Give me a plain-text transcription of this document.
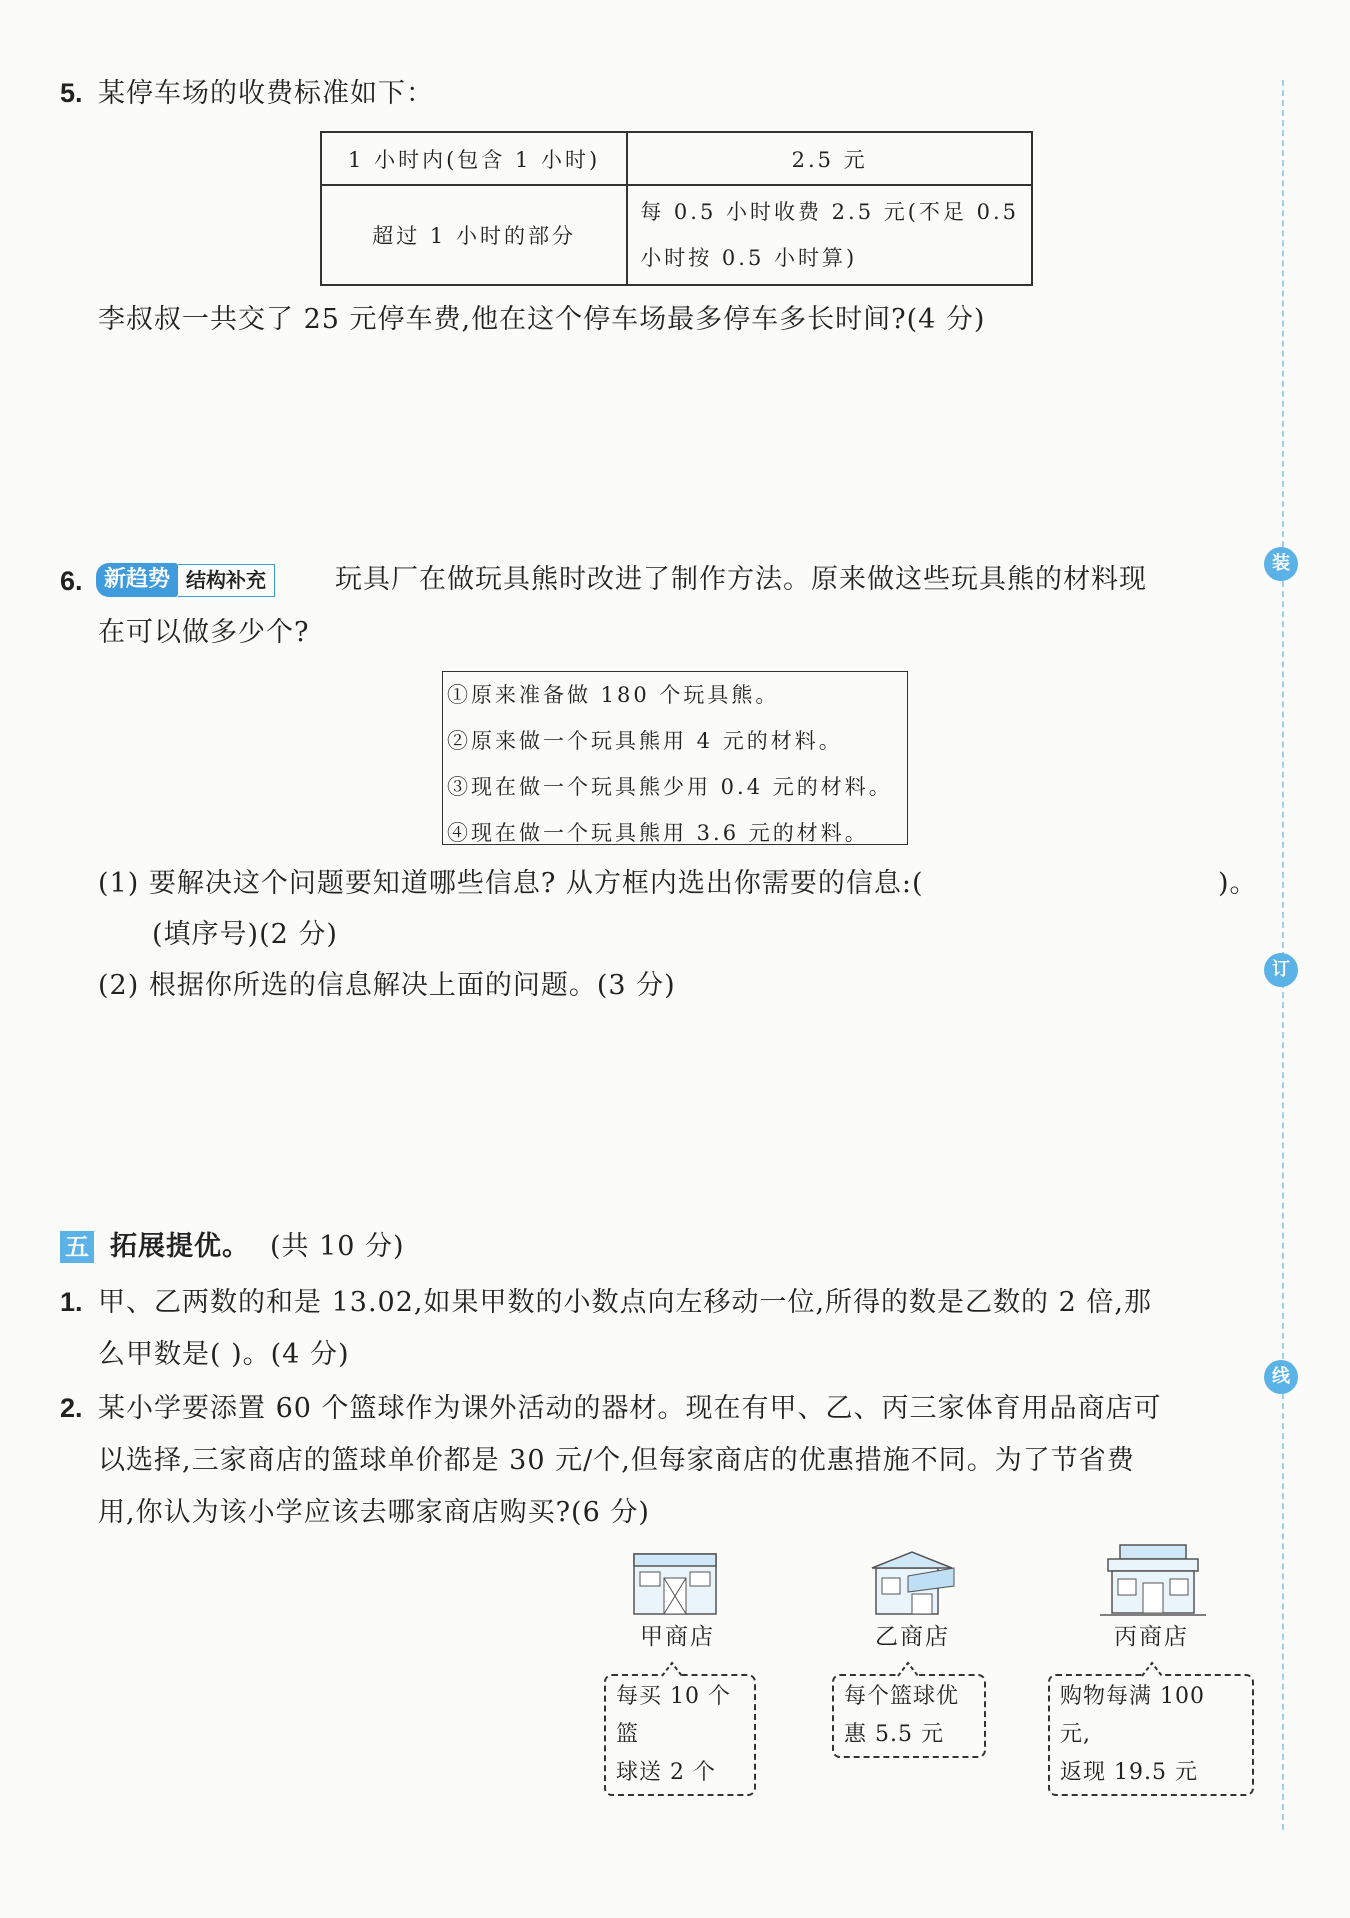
5. 某停车场的收费标准如下：
1 小时内(包含 1 小时)	2.5 元
超过 1 小时的部分	每 0.5 小时收费 2.5 元(不足 0.5
小时按 0.5 小时算)
李叔叔一共交了 25 元停车费,他在这个停车场最多停车多长时间?(4 分)
6. 新趋势 结构补充	玩具厂在做玩具熊时改进了制作方法。原来做这些玩具熊的材料现
在可以做多少个?
①原来准备做 180 个玩具熊。
②原来做一个玩具熊用 4 元的材料。
③现在做一个玩具熊少用 0.4 元的材料。
④现在做一个玩具熊用 3.6 元的材料。
(1) 要解决这个问题要知道哪些信息? 从方框内选出你需要的信息:(	)。
(填序号)(2 分)
(2) 根据你所选的信息解决上面的问题。(3 分)
五 拓展提优。 (共 10 分)
1. 甲、乙两数的和是 13.02,如果甲数的小数点向左移动一位,所得的数是乙数的 2 倍,那
么甲数是( )。(4 分)
2. 某小学要添置 60 个篮球作为课外活动的器材。现在有甲、乙、丙三家体育用品商店可
以选择,三家商店的篮球单价都是 30 元/个,但每家商店的优惠措施不同。为了节省费
用,你认为该小学应该去哪家商店购买?(6 分)
甲商店	乙商店	丙商店
每买 10 个篮
球送 2 个
每个篮球优
惠 5.5 元
购物每满 100 元,
返现 19.5 元
装
订
线
